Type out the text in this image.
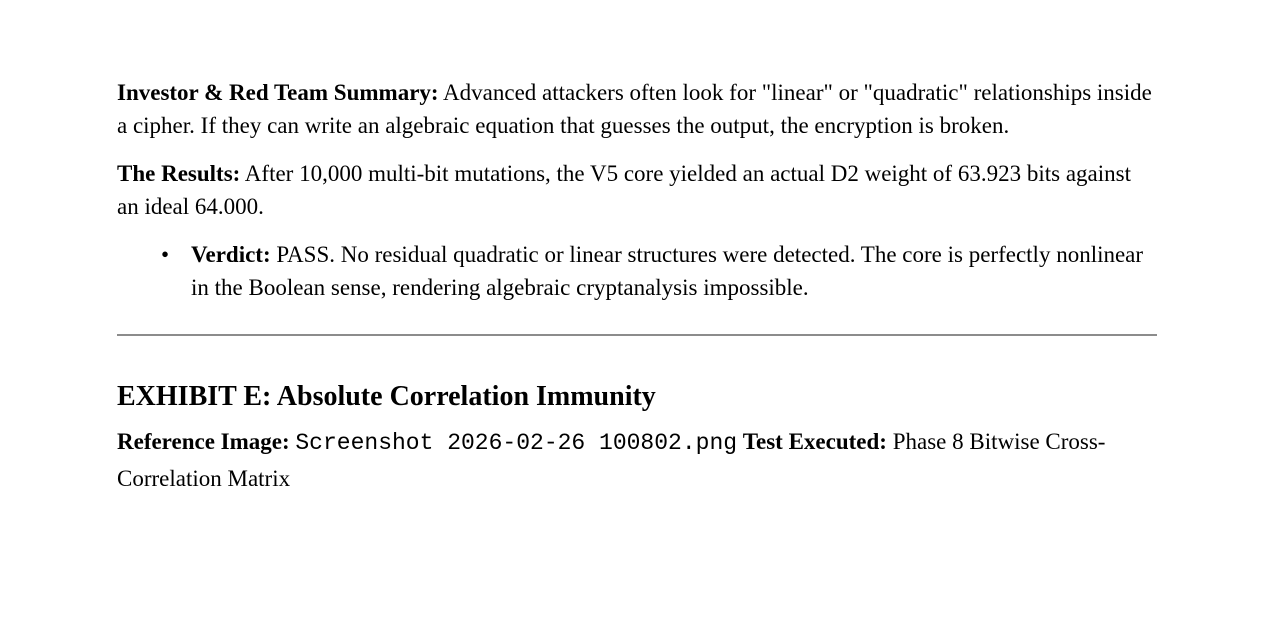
Investor & Red Team Summary: Advanced attackers often look for "linear" or "quadratic" relationships inside a cipher. If they can write an algebraic equation that guesses the output, the encryption is broken.

The Results: After 10,000 multi-bit mutations, the V5 core yielded an actual D2 weight of 63.923 bits against an ideal 64.000.

• Verdict: PASS. No residual quadratic or linear structures were detected. The core is perfectly nonlinear in the Boolean sense, rendering algebraic cryptanalysis impossible.
EXHIBIT E: Absolute Correlation Immunity
Reference Image: Screenshot 2026-02-26 100802.png Test Executed: Phase 8 Bitwise Cross-Correlation Matrix
